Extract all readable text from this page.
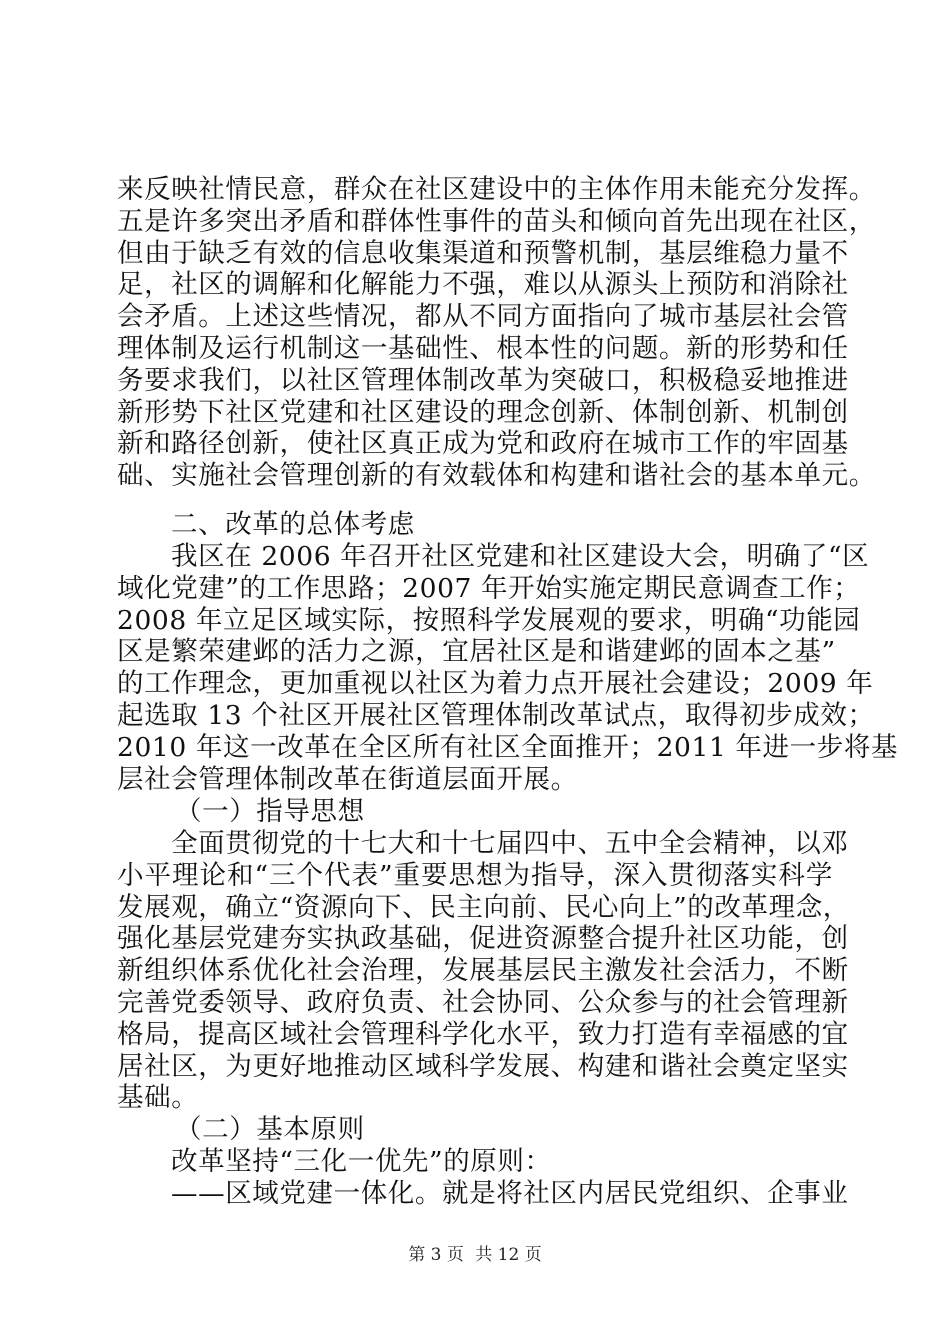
来反映社情民意，群众在社区建设中的主体作用未能充分发挥。
五是许多突出矛盾和群体性事件的苗头和倾向首先出现在社区，
但由于缺乏有效的信息收集渠道和预警机制，基层维稳力量不
足，社区的调解和化解能力不强，难以从源头上预防和消除社
会矛盾。上述这些情况，都从不同方面指向了城市基层社会管
理体制及运行机制这一基础性、根本性的问题。新的形势和任
务要求我们，以社区管理体制改革为突破口，积极稳妥地推进
新形势下社区党建和社区建设的理念创新、体制创新、机制创
新和路径创新，使社区真正成为党和政府在城市工作的牢固基
础、实施社会管理创新的有效载体和构建和谐社会的基本单元。
二、改革的总体考虑
我区在 2006 年召开社区党建和社区建设大会，明确了“区
域化党建”的工作思路；2007 年开始实施定期民意调查工作；
2008 年立足区域实际，按照科学发展观的要求，明确“功能园
区是繁荣建邺的活力之源，宜居社区是和谐建邺的固本之基”
的工作理念，更加重视以社区为着力点开展社会建设；2009 年
起选取 13 个社区开展社区管理体制改革试点，取得初步成效；
2010 年这一改革在全区所有社区全面推开；2011 年进一步将基
层社会管理体制改革在街道层面开展。
（一）指导思想
全面贯彻党的十七大和十七届四中、五中全会精神，以邓
小平理论和“三个代表”重要思想为指导，深入贯彻落实科学
发展观，确立“资源向下、民主向前、民心向上”的改革理念，
强化基层党建夯实执政基础，促进资源整合提升社区功能，创
新组织体系优化社会治理，发展基层民主激发社会活力，不断
完善党委领导、政府负责、社会协同、公众参与的社会管理新
格局，提高区域社会管理科学化水平，致力打造有幸福感的宜
居社区，为更好地推动区域科学发展、构建和谐社会奠定坚实
基础。
（二）基本原则
改革坚持“三化一优先”的原则：
——区域党建一体化。就是将社区内居民党组织、企事业
第 3 页 共 12 页
